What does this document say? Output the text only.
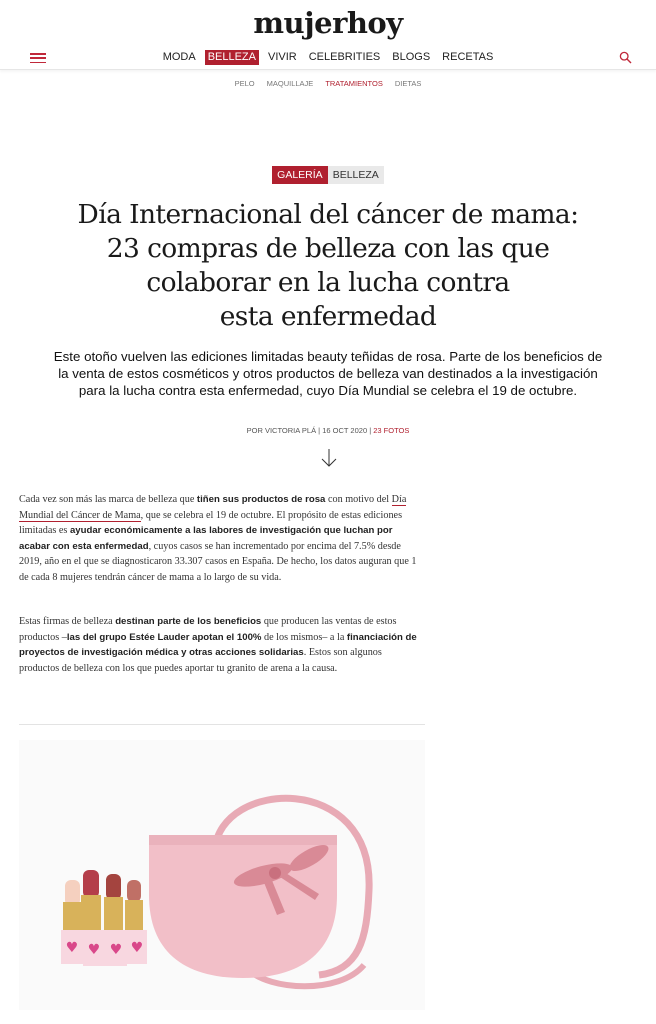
mujerhoy
MODA BELLEZA VIVIR CELEBRITIES BLOGS RECETAS
PELO MAQUILLAJE TRATAMIENTOS DIETAS
GALERÍA BELLEZA
Día Internacional del cáncer de mama:
23 compras de belleza con las que
colaborar en la lucha contra
esta enfermedad

Este otoño vuelven las ediciones limitadas beauty teñidas de rosa. Parte de los beneficios de la venta de estos cosméticos y otros productos de belleza van destinados a la investigación para la lucha contra esta enfermedad, cuyo Día Mundial se celebra el 19 de octubre.

POR VICTORIA PLÁ | 16 OCT 2020 | 23 FOTOS

Cada vez son más las marca de belleza que tiñen sus productos de rosa con motivo del Día Mundial del Cáncer de Mama, que se celebra el 19 de octubre. El propósito de estas ediciones limitadas es ayudar económicamente a las labores de investigación que luchan por acabar con esta enfermedad, cuyos casos se han incrementado por encima del 7.5% desde 2019, año en el que se diagnosticaron 33.307 casos en España. De hecho, los datos auguran que 1 de cada 8 mujeres tendrán cáncer de mama a lo largo de su vida.

Estas firmas de belleza destinan parte de los beneficios que producen las ventas de estos productos –las del grupo Estée Lauder apotan el 100% de los mismos– a la financiación de proyectos de investigación médica y otras acciones solidarias. Estos son algunos productos de belleza con los que puedes aportar tu granito de arena a la causa.

♥ ♥ ♥ ♥
